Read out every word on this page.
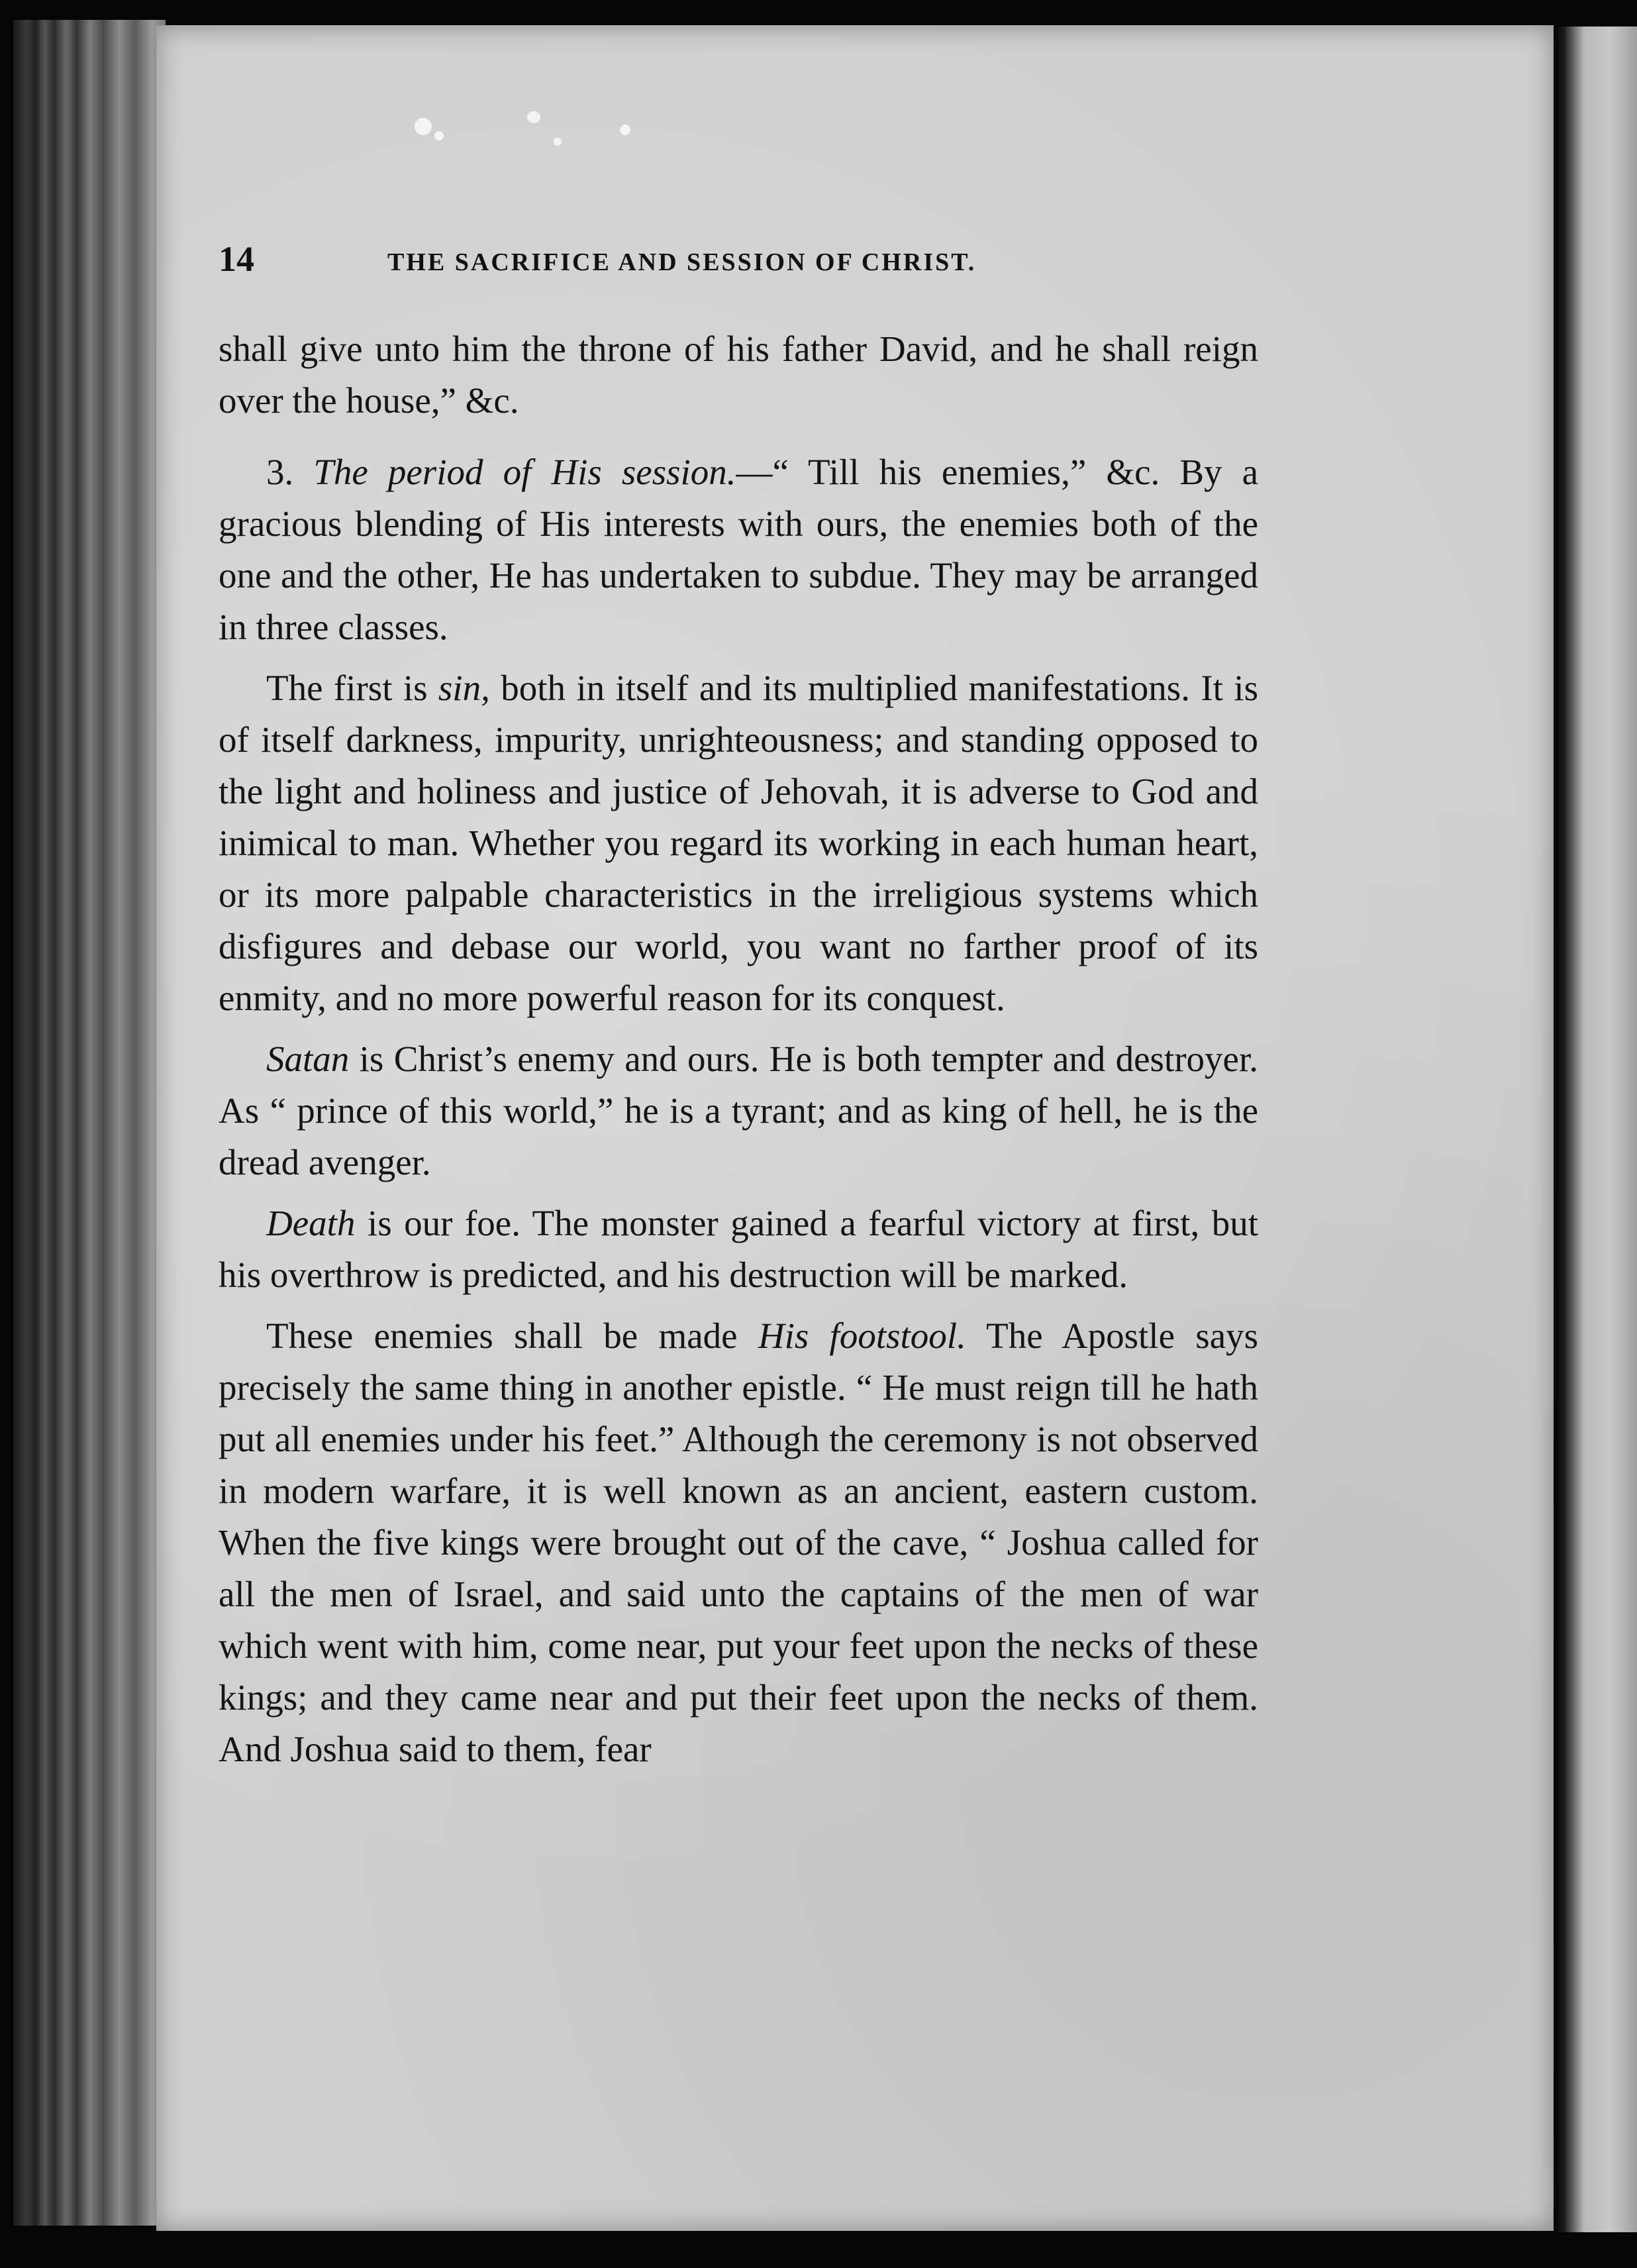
14	THE SACRIFICE AND SESSION OF CHRIST.

shall give unto him the throne of his father David, and he shall reign over the house,” &c.

3. The period of His session.—“ Till his enemies,” &c. By a gracious blending of His interests with ours, the enemies both of the one and the other, He has undertaken to subdue. They may be arranged in three classes.

The first is sin, both in itself and its multiplied manifestations. It is of itself darkness, impurity, unrighteousness; and standing opposed to the light and holiness and justice of Jehovah, it is adverse to God and inimical to man. Whether you regard its working in each human heart, or its more palpable characteristics in the irreligious systems which disfigures and debase our world, you want no farther proof of its enmity, and no more powerful reason for its conquest.

Satan is Christ’s enemy and ours. He is both tempter and destroyer. As “ prince of this world,” he is a tyrant; and as king of hell, he is the dread avenger.

Death is our foe. The monster gained a fearful victory at first, but his overthrow is predicted, and his destruction will be marked.

These enemies shall be made His footstool. The Apostle says precisely the same thing in another epistle. “ He must reign till he hath put all enemies under his feet.” Although the ceremony is not observed in modern warfare, it is well known as an ancient, eastern custom. When the five kings were brought out of the cave, “ Joshua called for all the men of Israel, and said unto the captains of the men of war which went with him, come near, put your feet upon the necks of these kings; and they came near and put their feet upon the necks of them. And Joshua said to them, fear
